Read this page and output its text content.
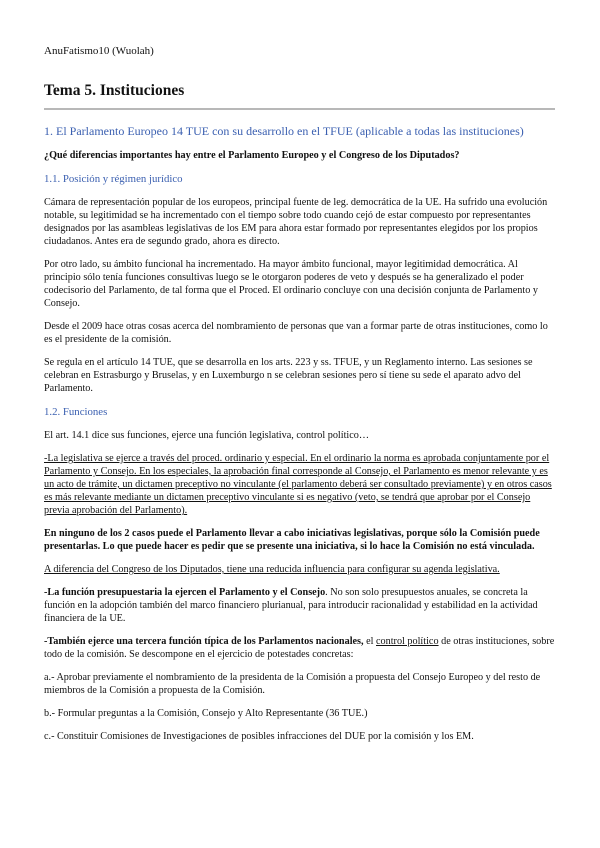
AnuFatismo10 (Wuolah)
Tema 5. Instituciones

1. El Parlamento Europeo 14 TUE con su desarrollo en el TFUE (aplicable a todas las instituciones)

¿Qué diferencias importantes hay entre el Parlamento Europeo y el Congreso de los Diputados?

1.1. Posición y régimen jurídico

Cámara de representación popular de los europeos, principal fuente de leg. democrática de la UE. Ha sufrido una evolución notable, su legitimidad se ha incrementado con el tiempo sobre todo cuando cejó de estar compuesto por representantes designados por las asambleas legislativas de los EM para ahora estar formado por representantes elegidos por los propios ciudadanos. Antes era de segundo grado, ahora es directo.

Por otro lado, su ámbito funcional ha incrementado. Ha mayor ámbito funcional, mayor legitimidad democrática. Al principio sólo tenía funciones consultivas luego se le otorgaron poderes de veto y después se ha generalizado el poder codecisorio del Parlamento, de tal forma que el Proced. El ordinario concluye con una decisión conjunta de Parlamento y Consejo.

Desde el 2009 hace otras cosas acerca del nombramiento de personas que van a formar parte de otras instituciones, como lo es el presidente de la comisión.

Se regula en el artículo 14 TUE, que se desarrolla en los arts. 223 y ss. TFUE, y un Reglamento interno. Las sesiones se celebran en Estrasburgo y Bruselas, y en Luxemburgo n se celebran sesiones pero sí tiene su sede el aparato advo del Parlamento.

1.2. Funciones

El art. 14.1 dice sus funciones, ejerce una función legislativa, control político…

-La legislativa se ejerce a través del proced. ordinario y especial. En el ordinario la norma es aprobada conjuntamente por el Parlamento y Consejo. En los especiales, la aprobación final corresponde al Consejo, el Parlamento es menor relevante y es un acto de trámite, un dictamen preceptivo no vinculante (el parlamento deberá ser consultado previamente) y en otros casos es más relevante mediante un dictamen preceptivo vinculante si es negativo (veto, se tendrá que aprobar por el Consejo previa aprobación del Parlamento).

En ninguno de los 2 casos puede el Parlamento llevar a cabo iniciativas legislativas, porque sólo la Comisión puede presentarlas. Lo que puede hacer es pedir que se presente una iniciativa, si lo hace la Comisión no está vinculada.

A diferencia del Congreso de los Diputados, tiene una reducida influencia para configurar su agenda legislativa.

-La función presupuestaria la ejercen el Parlamento y el Consejo. No son solo presupuestos anuales, se concreta la función en la adopción también del marco financiero plurianual, para introducir racionalidad y estabilidad en la actividad financiera de la UE.

-También ejerce una tercera función típica de los Parlamentos nacionales, el control político de otras instituciones, sobre todo de la comisión. Se descompone en el ejercicio de potestades concretas:

a.- Aprobar previamente el nombramiento de la presidenta de la Comisión a propuesta del Consejo Europeo y del resto de miembros de la Comisión a propuesta de la Comisión.

b.- Formular preguntas a la Comisión, Consejo y Alto Representante (36 TUE.)

c.- Constituir Comisiones de Investigaciones de posibles infracciones del DUE por la comisión y los EM.
